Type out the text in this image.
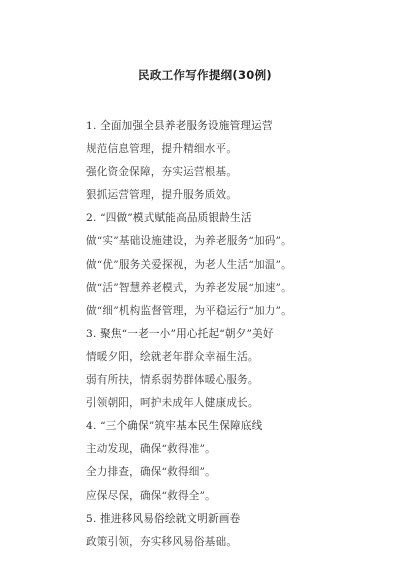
民政工作写作提纲(30例)
1. 全面加强全县养老服务设施管理运营
规范信息管理，提升精细水平。
强化资金保障，夯实运营根基。
狠抓运营管理，提升服务质效。
2. “四做”模式赋能高品质银龄生活
做“实”基础设施建设，为养老服务“加码”。
做“优”服务关爱探视，为老人生活“加温”。
做“活”智慧养老模式，为养老发展“加速”。
做“细”机构监督管理，为平稳运行“加力”。
3. 聚焦“一老一小”用心托起“朝夕”美好
情暖夕阳，绘就老年群众幸福生活。
弱有所扶，情系弱势群体暖心服务。
引领朝阳，呵护未成年人健康成长。
4. “三个确保”筑牢基本民生保障底线
主动发现，确保“救得准”。
全力排查，确保“救得细”。
应保尽保，确保“救得全”。
5. 推进移风易俗绘就文明新画卷
政策引领，夯实移风易俗基础。
